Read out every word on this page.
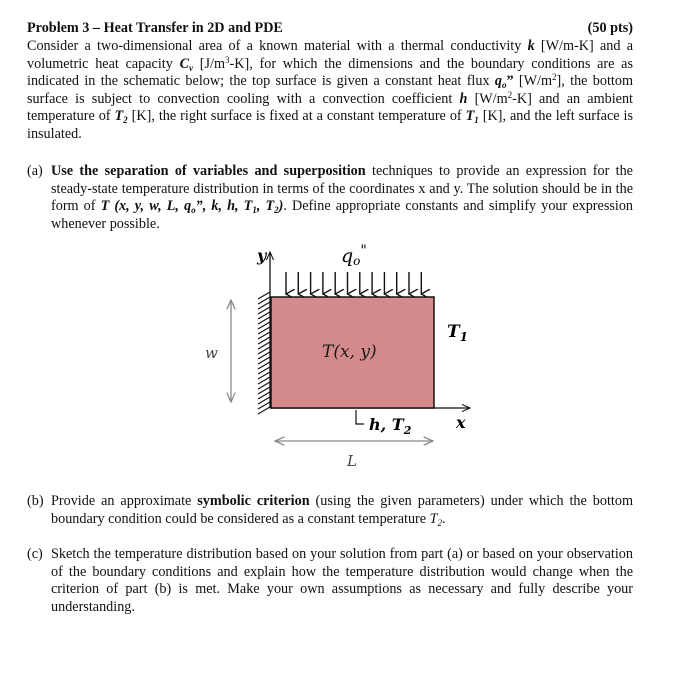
Problem 3 – Heat Transfer in 2D and PDE	(50 pts)
Consider a two-dimensional area of a known material with a thermal conductivity k [W/m-K] and a volumetric heat capacity $C_v$ $[J/m^3-K]$, for which the dimensions and the boundary conditions are as indicated in the schematic below; the top surface is given a constant heat flux $q_o$” $[W/m^2]$, the bottom surface is subject to convection cooling with a convection coefficient h $[W/m^2-K]$ and an ambient temperature of $T_2$ [K], the right surface is fixed at a constant temperature of $T_1$ [K], and the left surface is insulated.
(a) Use the separation of variables and superposition techniques to provide an expression for the steady-state temperature distribution in terms of the coordinates x and y. The solution should be in the form of T (x, y, w, L, $q_o$”, k, h, $T_1$, $T_2$). Define appropriate constants and simplify your expression whenever possible.
y
x
qo"
T(x, y)
$T_1$
h, $T_2$
w
L
(b) Provide an approximate symbolic criterion (using the given parameters) under which the bottom boundary condition could be considered as a constant temperature $T_2$.
(c) Sketch the temperature distribution based on your solution from part (a) or based on your observation of the boundary conditions and explain how the temperature distribution would change when the criterion of part (b) is met. Make your own assumptions as necessary and fully describe your understanding.
